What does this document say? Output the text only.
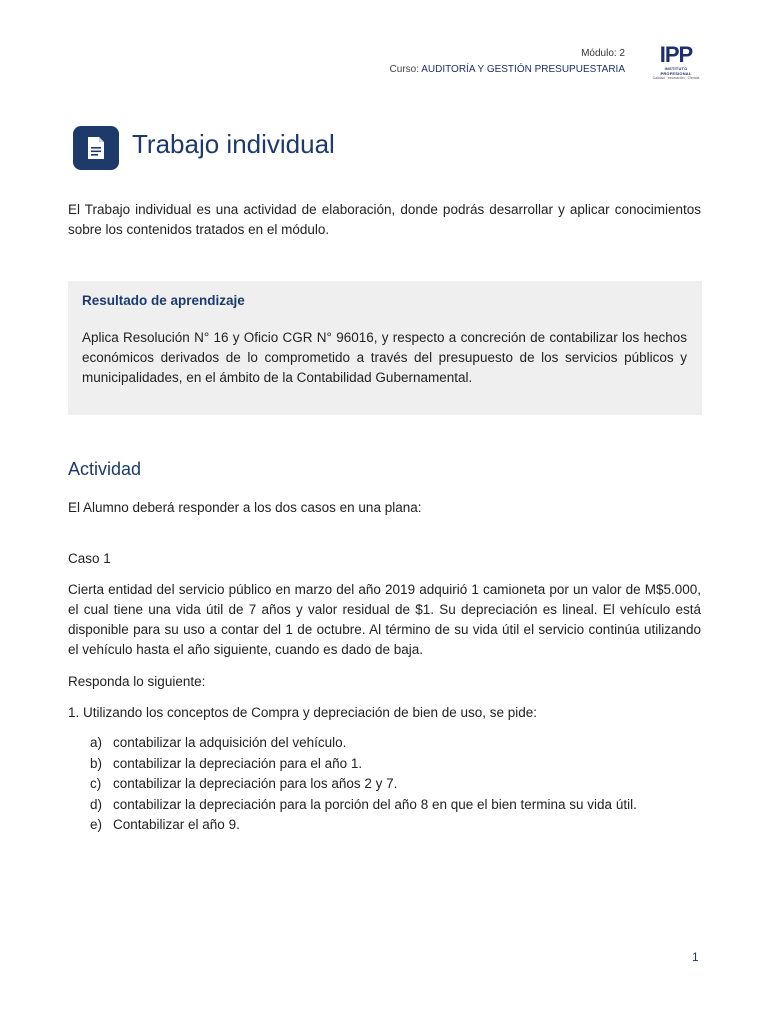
Módulo: 2
Curso: AUDITORÍA Y GESTIÓN PRESUPUESTARIA
IPP
INSTITUTO PROFESIONAL
Calidad · Innovación · Ciencia
Trabajo individual

El Trabajo individual es una actividad de elaboración, donde podrás desarrollar y aplicar conocimientos sobre los contenidos tratados en el módulo.

Resultado de aprendizaje

Aplica Resolución N° 16 y Oficio CGR N° 96016, y respecto a concreción de contabilizar los hechos económicos derivados de lo comprometido a través del presupuesto de los servicios públicos y municipalidades, en el ámbito de la Contabilidad Gubernamental.

Actividad

El Alumno deberá responder a los dos casos en una plana:

Caso 1

Cierta entidad del servicio público en marzo del año 2019 adquirió 1 camioneta por un valor de M$5.000, el cual tiene una vida útil de 7 años y valor residual de $1. Su depreciación es lineal. El vehículo está disponible para su uso a contar del 1 de octubre. Al término de su vida útil el servicio continúa utilizando el vehículo hasta el año siguiente, cuando es dado de baja.

Responda lo siguiente:

1. Utilizando los conceptos de Compra y depreciación de bien de uso, se pide:

a) contabilizar la adquisición del vehículo.
b) contabilizar la depreciación para el año 1.
c) contabilizar la depreciación para los años 2 y 7.
d) contabilizar la depreciación para la porción del año 8 en que el bien termina su vida útil.
e) Contabilizar el año 9.
1
